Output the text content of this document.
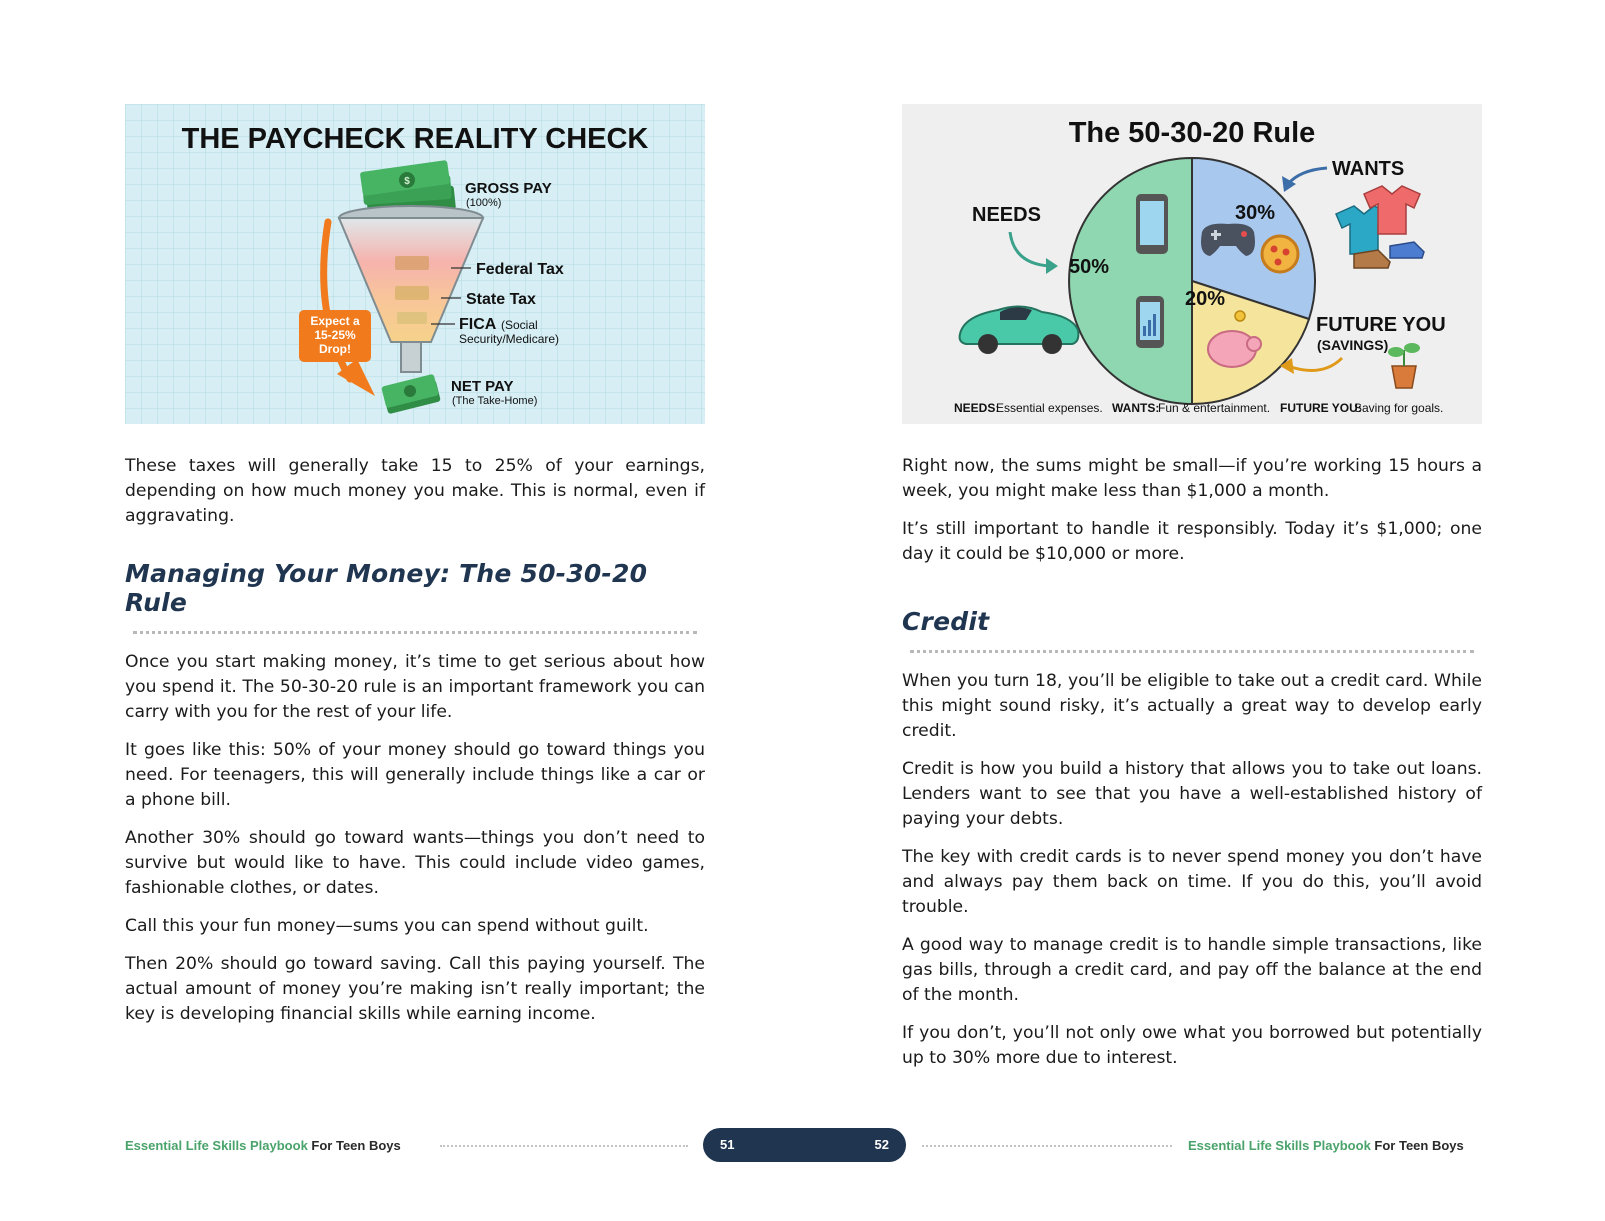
THE PAYCHECK REALITY CHECK
$	GROSS PAY
(100%)
Federal Tax
State Tax
FICA (Social
Security/Medicare)
Expect a
15-25%
Drop!
NET PAY
(The Take-Home)

These taxes will generally take 15 to 25% of your earnings, depending on how much money you make. This is normal, even if aggravating.

Managing Your Money: The 50-30-20 Rule

Once you start making money, it’s time to get serious about how you spend it. The 50-30-20 rule is an important framework you can carry with you for the rest of your life.

It goes like this: 50% of your money should go toward things you need. For teenagers, this will generally include things like a car or a phone bill.

Another 30% should go toward wants—things you don’t need to survive but would like to have. This could include video games, fashionable clothes, or dates.

Call this your fun money—sums you can spend without guilt.

Then 20% should go toward saving. Call this paying yourself. The actual amount of money you’re making isn’t really important; the key is developing financial skills while earning income.

The 50-30-20 Rule
50%
30%
20%
NEEDS
WANTS
FUTURE YOU
(SAVINGS)
NEEDS:
Essential expenses. WANTS:
Fun & entertainment. FUTURE YOU:
Saving for goals.

Right now, the sums might be small—if you’re working 15 hours a week, you might make less than $1,000 a month.

It’s still important to handle it responsibly. Today it’s $1,000; one day it could be $10,000 or more.

Credit

When you turn 18, you’ll be eligible to take out a credit card. While this might sound risky, it’s actually a great way to develop early credit.

Credit is how you build a history that allows you to take out loans. Lenders want to see that you have a well-established history of paying your debts.

The key with credit cards is to never spend money you don’t have and always pay them back on time. If you do this, you’ll avoid trouble.

A good way to manage credit is to handle simple transactions, like gas bills, through a credit card, and pay off the balance at the end of the month.

If you don’t, you’ll not only owe what you borrowed but potentially up to 30% more due to interest.

Essential Life Skills Playbook For Teen Boys	51	52	Essential Life Skills Playbook For Teen Boys
